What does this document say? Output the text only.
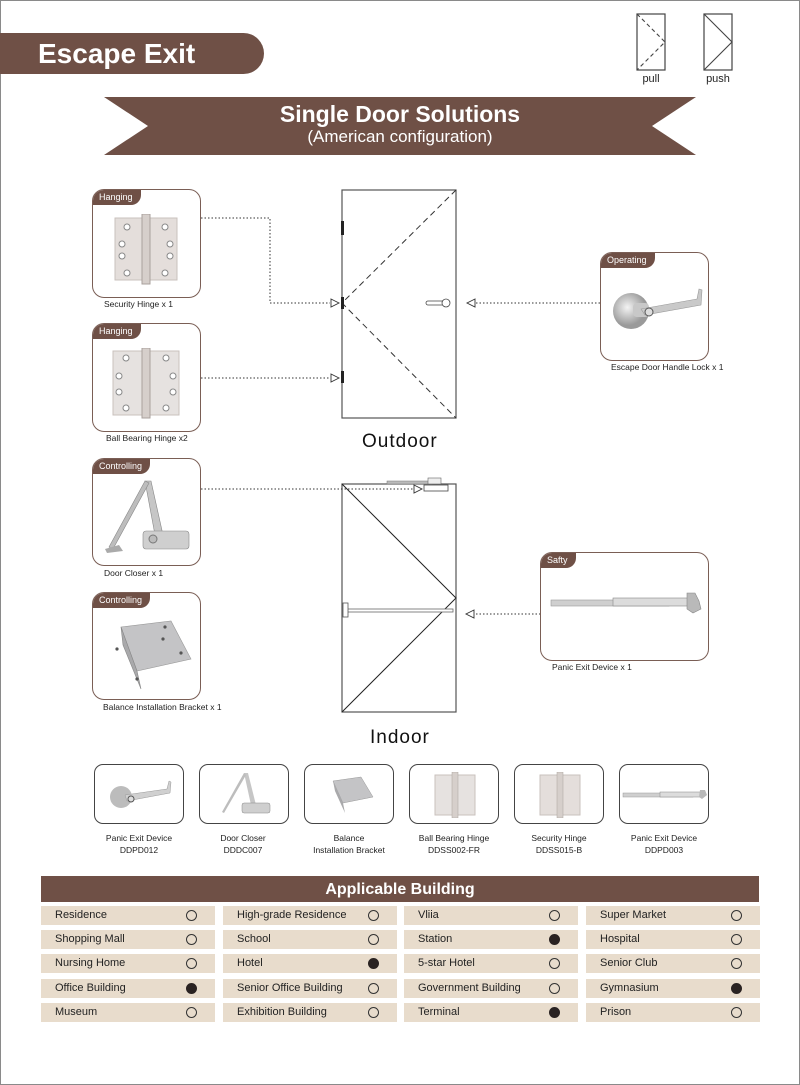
Escape Exit
pull	push
Single Door Solutions
(American configuration)
Outdoor
Indoor
Hanging
Security Hinge x 1
Hanging
Ball Bearing Hinge x2
Operating
Escape Door Handle Lock x 1
Controlling
Door Closer x 1
Controlling
Balance Installation Bracket x 1
Safty
Panic Exit Device x 1
Panic Exit Device
DDPD012
Door Closer
DDDC007
Balance
Installation Bracket
Ball Bearing Hinge
DDSS002-FR
Security Hinge
DDSS015-B
Panic Exit Device
DDPD003
Applicable Building
Residence
Shopping Mall
Nursing Home
Office Building
Museum
High-grade Residence
School
Hotel
Senior Office Building
Exhibition Building
Vliia
Station
5-star Hotel
Government Building
Terminal
Super Market
Hospital
Senior Club
Gymnasium
Prison
